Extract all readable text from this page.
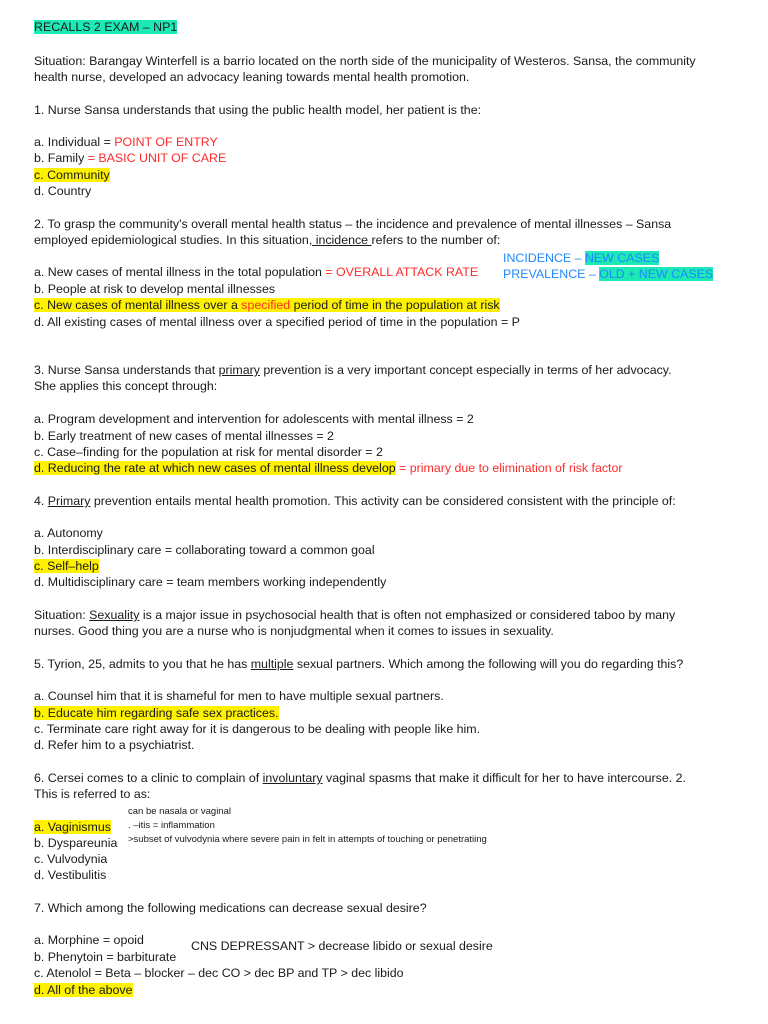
RECALLS 2 EXAM – NP1
Situation: Barangay Winterfell is a barrio located on the north side of the municipality of Westeros. Sansa, the community
health nurse, developed an advocacy leaning towards mental health promotion.
1. Nurse Sansa understands that using the public health model, her patient is the:
a. Individual = POINT OF ENTRY
b. Family = BASIC UNIT OF CARE
c. Community
d. Country
2. To grasp the community's overall mental health status – the incidence and prevalence of mental illnesses – Sansa
employed epidemiological studies. In this situation, incidence refers to the number of:
INCIDENCE – NEW CASES
PREVALENCE – OLD + NEW CASES
a. New cases of mental illness in the total population = OVERALL ATTACK RATE
b. People at risk to develop mental illnesses
c. New cases of mental illness over a specified period of time in the population at risk
d. All existing cases of mental illness over a specified period of time in the population = P
3. Nurse Sansa understands that primary prevention is a very important concept especially in terms of her advocacy.
She applies this concept through:
a. Program development and intervention for adolescents with mental illness = 2
b. Early treatment of new cases of mental illnesses = 2
c. Case–finding for the population at risk for mental disorder = 2
d. Reducing the rate at which new cases of mental illness develop = primary due to elimination of risk factor
4. Primary prevention entails mental health promotion. This activity can be considered consistent with the principle of:
a. Autonomy
b. Interdisciplinary care = collaborating toward a common goal
c. Self–help
d. Multidisciplinary care = team members working independently
Situation: Sexuality is a major issue in psychosocial health that is often not emphasized or considered taboo by many
nurses. Good thing you are a nurse who is nonjudgmental when it comes to issues in sexuality.
5. Tyrion, 25, admits to you that he has multiple sexual partners. Which among the following will you do regarding this?
a. Counsel him that it is shameful for men to have multiple sexual partners.
b. Educate him regarding safe sex practices.
c. Terminate care right away for it is dangerous to be dealing with people like him.
d. Refer him to a psychiatrist.
6. Cersei comes to a clinic to complain of involuntary vaginal spasms that make it difficult for her to have intercourse. 2.
This is referred to as:
can be nasala or vaginal
. –itis = inflammation
>subset of vulvodynia where severe pain in felt in attempts of touching or penetratiing
a. Vaginismus
b. Dyspareunia
c. Vulvodynia
d. Vestibulitis
7. Which among the following medications can decrease sexual desire?
a. Morphine = opoid	CNS DEPRESSANT > decrease libido or sexual desire
b. Phenytoin = barbiturate
c. Atenolol = Beta – blocker – dec CO > dec BP and TP > dec libido
d. All of the above
